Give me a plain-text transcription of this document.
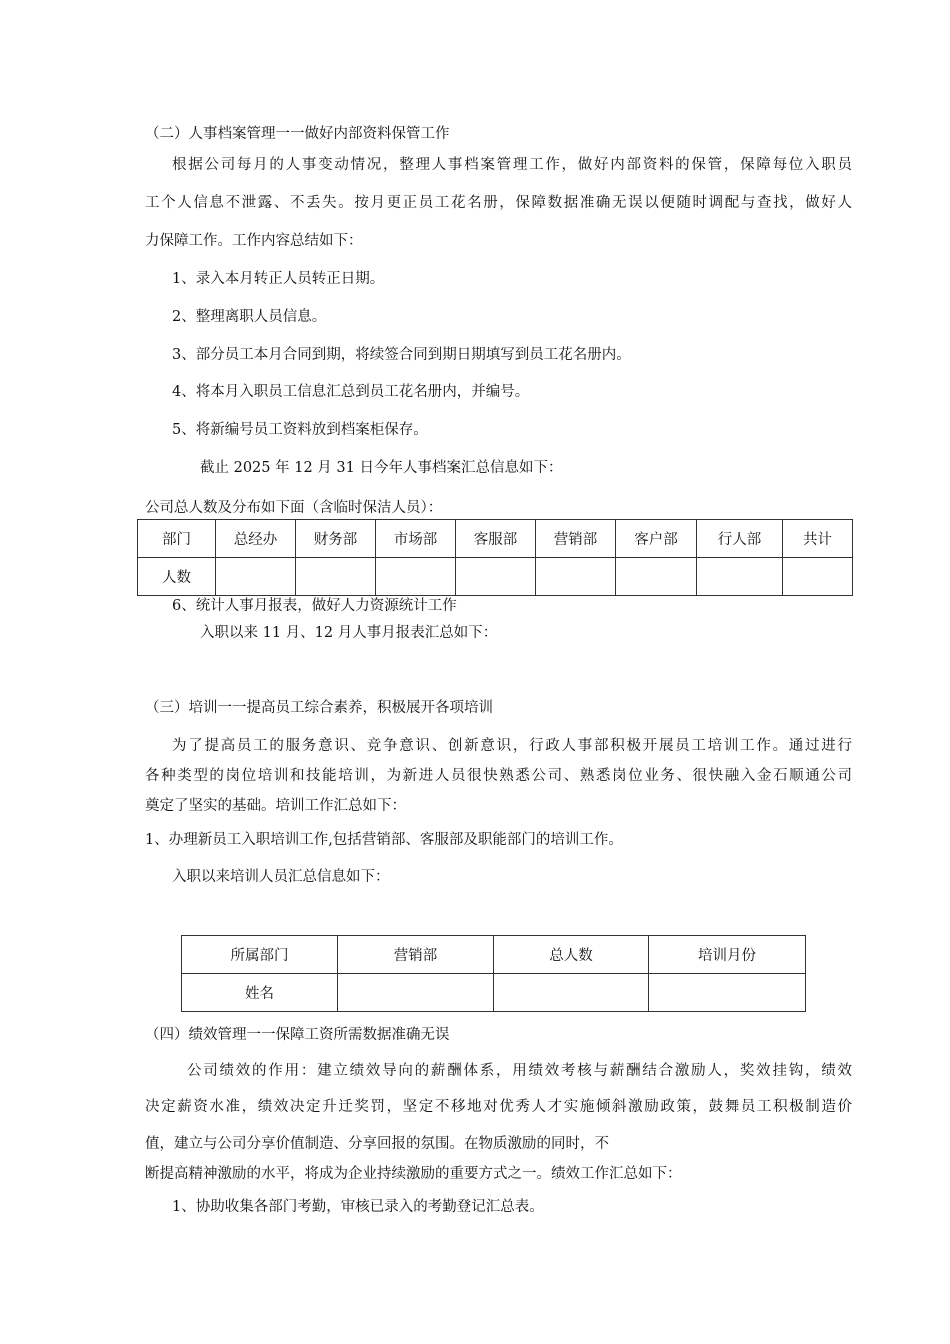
（二）人事档案管理一一做好内部资料保管工作
根据公司每月的人事变动情况，整理人事档案管理工作，做好内部资料的保管，保障每位入职员
工个人信息不泄露、不丢失。按月更正员工花名册，保障数据准确无误以便随时调配与查找，做好人
力保障工作。工作内容总结如下：
1、录入本月转正人员转正日期。
2、整理离职人员信息。
3、部分员工本月合同到期，将续签合同到期日期填写到员工花名册内。
4、将本月入职员工信息汇总到员工花名册内，并编号。
5、将新编号员工资料放到档案柜保存。
截止 2025 年 12 月 31 日今年人事档案汇总信息如下：
公司总人数及分布如下面（含临时保洁人员）：
部门	总经办	财务部	市场部	客服部	营销部	客户部	行人部	共计
人数								
6、统计人事月报表，做好人力资源统计工作
入职以来 11 月、12 月人事月报表汇总如下：
（三）培训一一提高员工综合素养，积极展开各项培训
为了提高员工的服务意识、竞争意识、创新意识，行政人事部积极开展员工培训工作。通过进行
各种类型的岗位培训和技能培训，为新进人员很快熟悉公司、熟悉岗位业务、很快融入金石顺通公司
奠定了坚实的基础。培训工作汇总如下：
1、办理新员工入职培训工作,包括营销部、客服部及职能部门的培训工作。
入职以来培训人员汇总信息如下：
所属部门	营销部	总人数	培训月份
姓名			
（四）绩效管理一一保障工资所需数据准确无误
公司绩效的作用：建立绩效导向的薪酬体系，用绩效考核与薪酬结合激励人，奖效挂钩，绩效
决定薪资水准，绩效决定升迁奖罚，坚定不移地对优秀人才实施倾斜激励政策，鼓舞员工积极制造价
值，建立与公司分享价值制造、分享回报的氛围。在物质激励的同时，不
断提高精神激励的水平，将成为企业持续激励的重要方式之一。绩效工作汇总如下：
1、协助收集各部门考勤，审核已录入的考勤登记汇总表。
